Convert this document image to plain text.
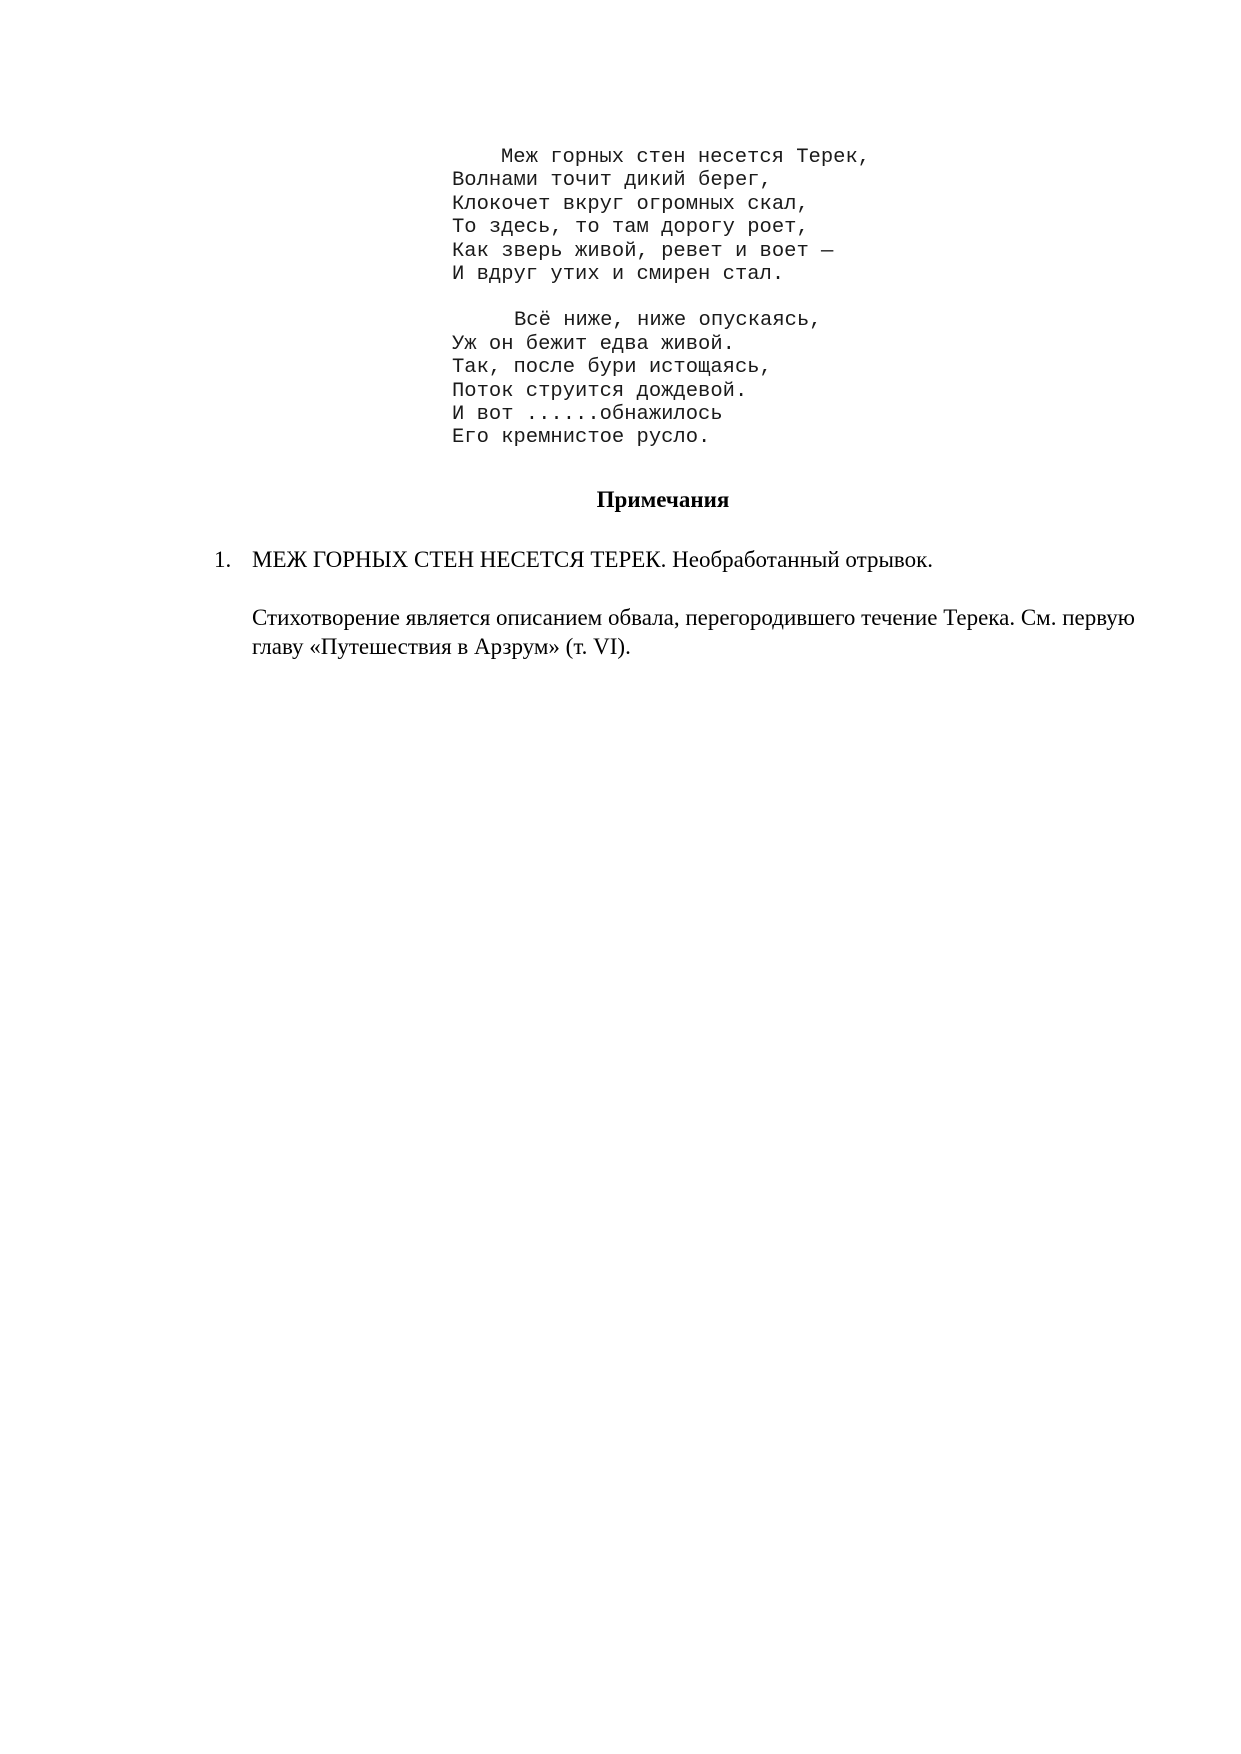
Меж горных стен несется Терек,
Волнами точит дикий берег,
Клокочет вкруг огромных скал,
То здесь, то там дорогу роет,
Как зверь живой, ревет и воет —
И вдруг утих и смирен стал.
Всё ниже, ниже опускаясь,
Уж он бежит едва живой.
Так, после бури истощаясь,
Поток струится дождевой.
И вот ......обнажилось
Его кремнистое русло.
Примечания
1. МЕЖ ГОРНЫХ СТЕН НЕСЕТСЯ ТЕРЕК. Необработанный отрывок.

Стихотворение является описанием обвала, перегородившего течение Терека. См. первую главу «Путешествия в Арзрум» (т. VI).
